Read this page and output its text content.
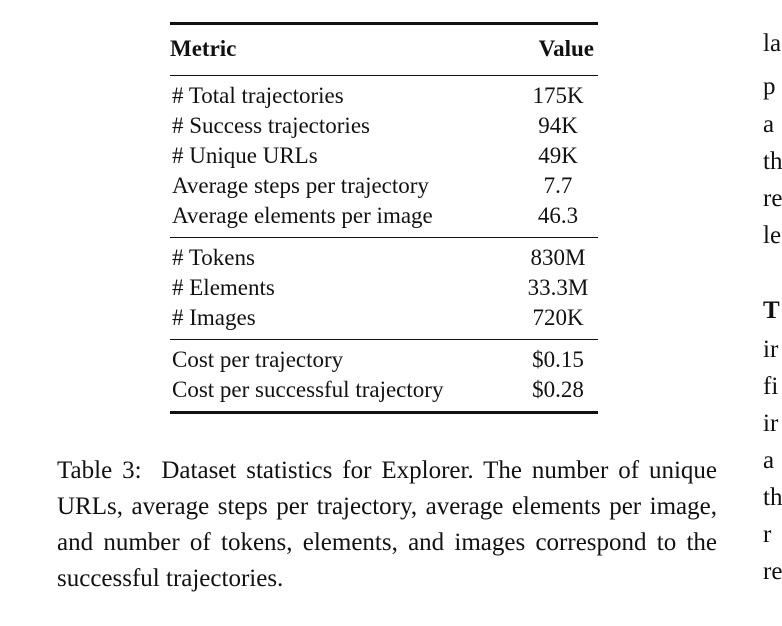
Metric	Value
# Total trajectories	175K
# Success trajectories	94K
# Unique URLs	49K
Average steps per trajectory	7.7
Average elements per image	46.3
# Tokens	830M
# Elements	33.3M
# Images	720K
Cost per trajectory	$0.15
Cost per successful trajectory	$0.28
Table 3: Dataset statistics for Explorer. The number of unique URLs, average steps per trajectory, average elements per image, and number of tokens, elements, and images correspond to the successful trajectories.
la
p
a
th
re
le
T
ir
fi
ir
a
th
r
re
